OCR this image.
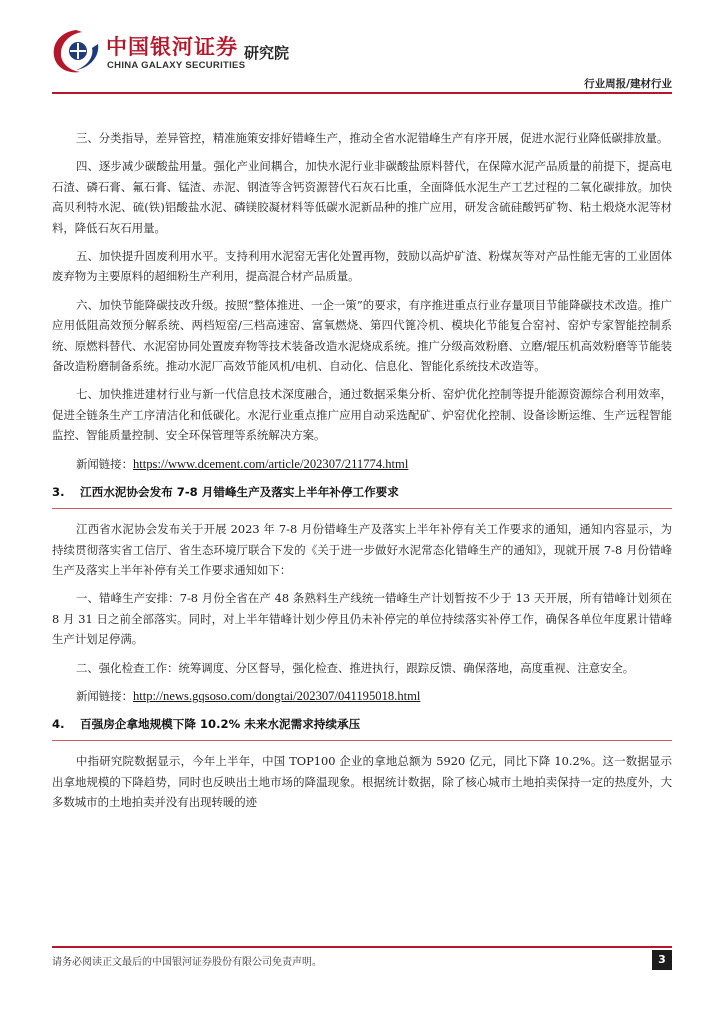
中国银河证券
CHINA GALAXY SECURITIES
研究院
行业周报/建材行业

三、分类指导，差异管控，精准施策安排好错峰生产，推动全省水泥错峰生产有序开展，促进水泥行业降低碳排放量。

四、逐步减少碳酸盐用量。强化产业间耦合，加快水泥行业非碳酸盐原料替代，在保障水泥产品质量的前提下，提高电石渣、磷石膏、氟石膏、锰渣、赤泥、钢渣等含钙资源替代石灰石比重，全面降低水泥生产工艺过程的二氧化碳排放。加快高贝利特水泥、硫(铁)铝酸盐水泥、磷镁胶凝材料等低碳水泥新品种的推广应用，研发含硫硅酸钙矿物、粘土煅烧水泥等材料，降低石灰石用量。

五、加快提升固废利用水平。支持利用水泥窑无害化处置再物，鼓励以高炉矿渣、粉煤灰等对产品性能无害的工业固体废弃物为主要原料的超细粉生产利用，提高混合材产品质量。

六、加快节能降碳技改升级。按照“整体推进、一企一策”的要求，有序推进重点行业存量项目节能降碳技术改造。推广应用低阻高效预分解系统、两档短窑/三档高速窑、富氧燃烧、第四代篦冷机、模块化节能复合窑衬、窑炉专家智能控制系统、原燃料替代、水泥窑协同处置废弃物等技术装备改造水泥烧成系统。推广分级高效粉磨、立磨/辊压机高效粉磨等节能装备改造粉磨制备系统。推动水泥厂高效节能风机/电机、自动化、信息化、智能化系统技术改造等。

七、加快推进建材行业与新一代信息技术深度融合，通过数据采集分析、窑炉优化控制等提升能源资源综合利用效率，促进全链条生产工序清洁化和低碳化。水泥行业重点推广应用自动采选配矿、炉窑优化控制、设备诊断运维、生产远程智能监控、智能质量控制、安全环保管理等系统解决方案。

新闻链接：https://www.dcement.com/article/202307/211774.html

3. 江西水泥协会发布 7-8 月错峰生产及落实上半年补停工作要求

江西省水泥协会发布关于开展 2023 年 7-8 月份错峰生产及落实上半年补停有关工作要求的通知，通知内容显示，为持续贯彻落实省工信厅、省生态环境厅联合下发的《关于进一步做好水泥常态化错峰生产的通知》，现就开展 7-8 月份错峰生产及落实上半年补停有关工作要求通知如下：

一、错峰生产安排：7-8 月份全省在产 48 条熟料生产线统一错峰生产计划暂按不少于 13 天开展，所有错峰计划须在 8 月 31 日之前全部落实。同时，对上半年错峰计划少停且仍未补停完的单位持续落实补停工作，确保各单位年度累计错峰生产计划足停满。

二、强化检查工作：统筹调度、分区督导，强化检查、推进执行，跟踪反馈、确保落地，高度重视、注意安全。

新闻链接：http://news.gqsoso.com/dongtai/202307/041195018.html

4. 百强房企拿地规模下降 10.2% 未来水泥需求持续承压

中指研究院数据显示，今年上半年，中国 TOP100 企业的拿地总额为 5920 亿元，同比下降 10.2%。这一数据显示出拿地规模的下降趋势，同时也反映出土地市场的降温现象。根据统计数据，除了核心城市土地拍卖保持一定的热度外，大多数城市的土地拍卖并没有出现转暖的迹

请务必阅读正文最后的中国银河证券股份有限公司免责声明。	3
